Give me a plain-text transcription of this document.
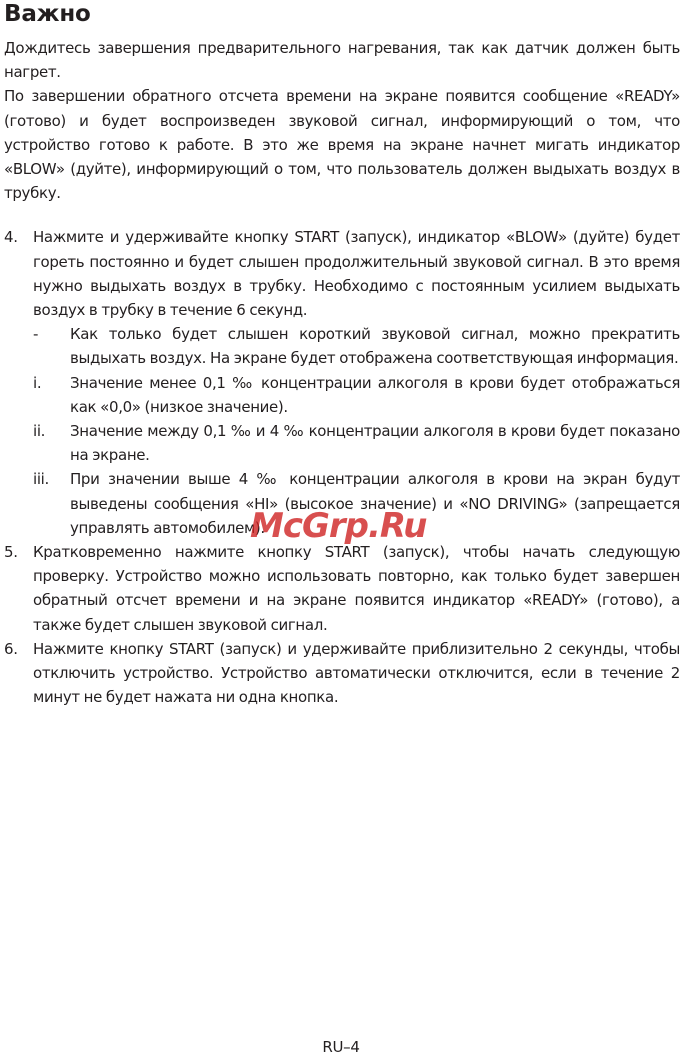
Важно

Дождитесь завершения предварительного нагревания, так как датчик должен быть нагрет.

По завершении обратного отсчета времени на экране появится сообщение «READY» (готово) и будет воспроизведен звуковой сигнал, информирующий о том, что устройство готово к работе. В это же время на экране начнет мигать индикатор «BLOW» (дуйте), информирующий о том, что пользователь должен выдыхать воздух в трубку.

4.	Нажмите и удерживайте кнопку START (запуск), индикатор «BLOW» (дуйте) будет гореть постоянно и будет слышен продолжительный звуковой сигнал. В это время нужно выдыхать воздух в трубку. Необходимо с постоянным усилием выдыхать воздух в трубку в течение 6 секунд.
-	Как только будет слышен короткий звуковой сигнал, можно прекратить выдыхать воздух. На экране будет отображена соответствующая информация.
i.	Значение менее 0,1 ‰ концентрации алкоголя в крови будет отображаться как «0,0» (низкое значение).
ii.	Значение между 0,1 ‰ и 4 ‰ концентрации алкоголя в крови будет показано на экране.
iii.	При значении выше 4 ‰ концентрации алкоголя в крови на экран будут выведены сообщения «HI» (высокое значение) и «NO DRIVING» (запрещается управлять автомобилем).
5.	Кратковременно нажмите кнопку START (запуск), чтобы начать следующую проверку. Устройство можно использовать повторно, как только будет завершен обратный отсчет времени и на экране появится индикатор «READY» (готово), а также будет слышен звуковой сигнал.
6.	Нажмите кнопку START (запуск) и удерживайте приблизительно 2 секунды, чтобы отключить устройство. Устройство автоматически отключится, если в течение 2 минут не будет нажата ни одна кнопка.
McGrp.Ru
RU–4
